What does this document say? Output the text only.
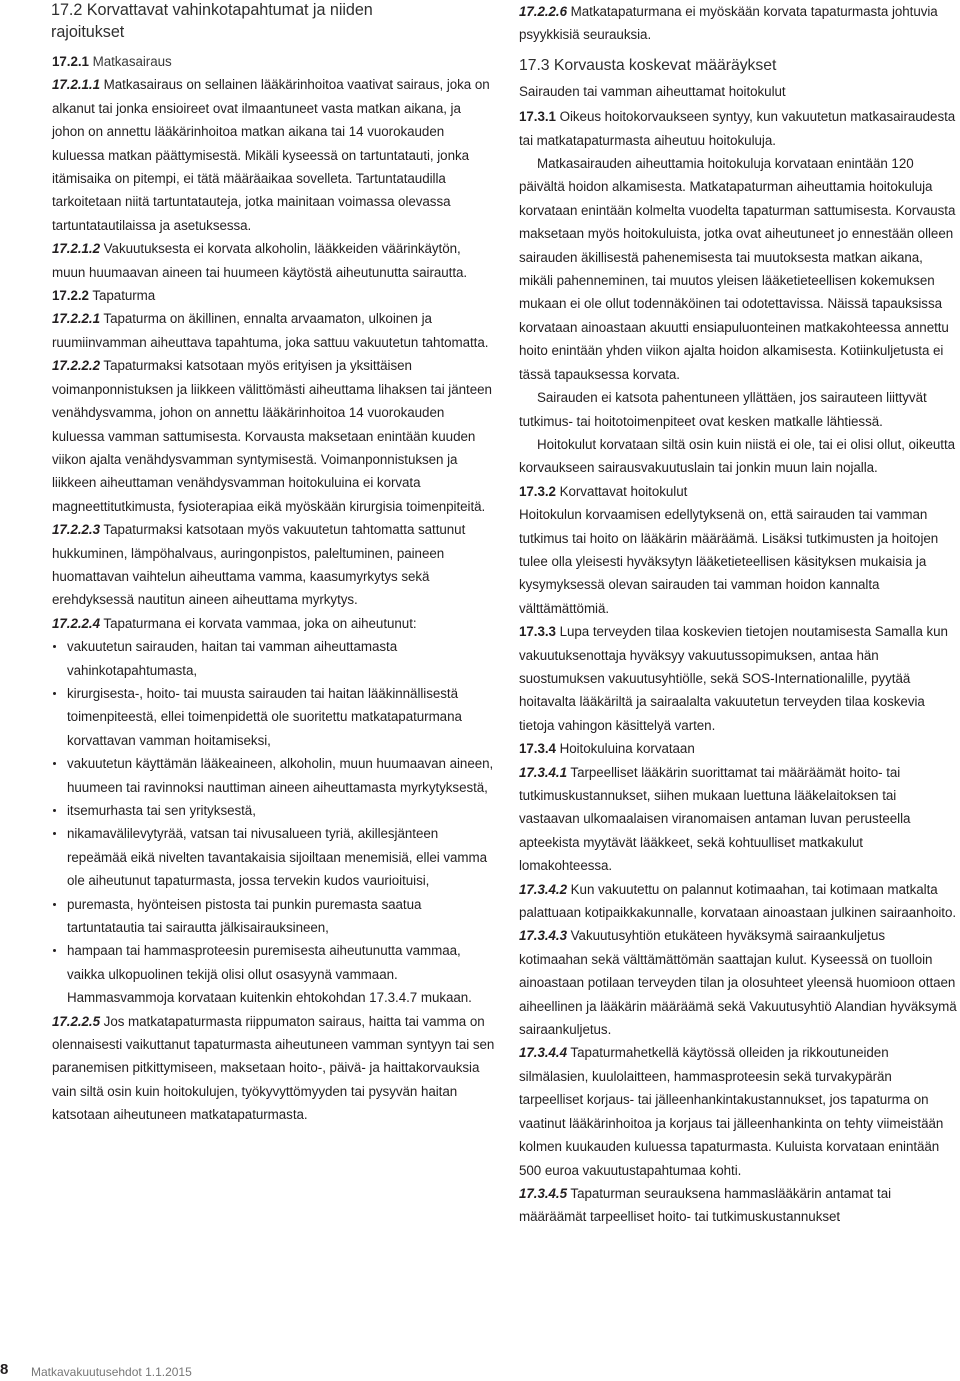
17.2 Korvattavat vahinkotapahtumat ja niiden rajoitukset

17.2.1 Matkasairaus

17.2.1.1 Matkasairaus on sellainen lääkärinhoitoa vaativat sairaus, joka on alkanut tai jonka ensioireet ovat ilmaantuneet vasta matkan aikana, ja johon on annettu lääkärinhoitoa matkan aikana tai 14 vuorokauden kuluessa matkan päättymisestä. Mikäli kyseessä on tartuntatauti, jonka itämisaika on pitempi, ei tätä määräaikaa sovelleta. Tartuntataudilla tarkoitetaan niitä tartuntatauteja, jotka mainitaan voimassa olevassa tartuntatautilaissa ja asetuksessa.

17.2.1.2 Vakuutuksesta ei korvata alkoholin, lääkkeiden väärinkäytön, muun huumaavan aineen tai huumeen käytöstä aiheutunutta sairautta.

17.2.2 Tapaturma

17.2.2.1 Tapaturma on äkillinen, ennalta arvaamaton, ulkoinen ja ruumiinvamman aiheuttava tapahtuma, joka sattuu vakuutetun tahtomatta.

17.2.2.2 Tapaturmaksi katsotaan myös erityisen ja yksittäisen voimanponnistuksen ja liikkeen välittömästi aiheuttama lihaksen tai jänteen venähdysvamma, johon on annettu lääkärinhoitoa 14 vuorokauden kuluessa vamman sattumisesta. Korvausta maksetaan enintään kuuden viikon ajalta venähdysvamman syntymisestä. Voimanponnistuksen ja liikkeen aiheuttaman venähdysvamman hoitokuluina ei korvata magneettitutkimusta, fysioterapiaa eikä myöskään kirurgisia toimenpiteitä.

17.2.2.3 Tapaturmaksi katsotaan myös vakuutetun tahtomatta sattunut hukkuminen, lämpöhalvaus, auringonpistos, paleltuminen, paineen huomattavan vaihtelun aiheuttama vamma, kaasumyrkytys sekä erehdyksessä nautitun aineen aiheuttama myrkytys.

17.2.2.4 Tapaturmana ei korvata vammaa, joka on aiheutunut:

vakuutetun sairauden, haitan tai vamman aiheuttamasta vahinkotapahtumasta,
kirurgisesta-, hoito- tai muusta sairauden tai haitan lääkinnällisestä toimenpiteestä, ellei toimenpidettä ole suoritettu matkatapaturmana korvattavan vamman hoitamiseksi,
vakuutetun käyttämän lääkeaineen, alkoholin, muun huumaavan aineen, huumeen tai ravinnoksi nauttiman aineen aiheuttamasta myrkytyksestä,
itsemurhasta tai sen yrityksestä,
nikamavälilevytyrää, vatsan tai nivusalueen tyriä, akillesjänteen repeämää eikä nivelten tavantakaisia sijoiltaan menemisiä, ellei vamma ole aiheutunut tapaturmasta, jossa tervekin kudos vaurioituisi,
puremasta, hyönteisen pistosta tai punkin puremasta saatua tartuntatautia tai sairautta jälkisairauksineen,
hampaan tai hammasproteesin puremisesta aiheutunutta vammaa, vaikka ulkopuolinen tekijä olisi ollut osasyynä vammaan. Hammasvammoja korvataan kuitenkin ehtokohdan 17.3.4.7 mukaan.

17.2.2.5 Jos matkatapaturmasta riippumaton sairaus, haitta tai vamma on olennaisesti vaikuttanut tapaturmasta aiheutuneen vamman syntyyn tai sen paranemisen pitkittymiseen, maksetaan hoito-, päivä- ja haittakorvauksia vain siltä osin kuin hoitokulujen, työkyvyttömyyden tai pysyvän haitan katsotaan aiheutuneen matkatapaturmasta.

17.2.2.6 Matkatapaturmana ei myöskään korvata tapaturmasta johtuvia psyykkisiä seurauksia.

17.3 Korvausta koskevat määräykset

Sairauden tai vamman aiheuttamat hoitokulut

17.3.1 Oikeus hoitokorvaukseen syntyy, kun vakuutetun matkasairaudesta tai matkatapaturmasta aiheutuu hoitokuluja.

Matkasairauden aiheuttamia hoitokuluja korvataan enintään 120 päivältä hoidon alkamisesta. Matkatapaturman aiheuttamia hoitokuluja korvataan enintään kolmelta vuodelta tapaturman sattumisesta. Korvausta maksetaan myös hoitokuluista, jotka ovat aiheutuneet jo ennestään olleen sairauden äkillisestä pahenemisesta tai muutoksesta matkan aikana, mikäli pahenneminen, tai muutos yleisen lääketieteellisen kokemuksen mukaan ei ole ollut todennäköinen tai odotettavissa. Näissä tapauksissa korvataan ainoastaan akuutti ensiapuluonteinen matkakohteessa annettu hoito enintään yhden viikon ajalta hoidon alkamisesta. Kotiinkuljetusta ei tässä tapauksessa korvata.

Sairauden ei katsota pahentuneen yllättäen, jos sairauteen liittyvät tutkimus- tai hoitotoimenpiteet ovat kesken matkalle lähtiessä.

Hoitokulut korvataan siltä osin kuin niistä ei ole, tai ei olisi ollut, oikeutta korvaukseen sairausvakuutuslain tai jonkin muun lain nojalla.

17.3.2 Korvattavat hoitokulut

Hoitokulun korvaamisen edellytyksenä on, että sairauden tai vamman tutkimus tai hoito on lääkärin määräämä. Lisäksi tutkimusten ja hoitojen tulee olla yleisesti hyväksytyn lääketieteellisen käsityksen mukaisia ja kysymyksessä olevan sairauden tai vamman hoidon kannalta välttämättömiä.

17.3.3 Lupa terveyden tilaa koskevien tietojen noutamisesta Samalla kun vakuutuksenottaja hyväksyy vakuutussopimuksen, antaa hän suostumuksen vakuutusyhtiölle, sekä SOS-Internationalille, pyytää hoitavalta lääkäriltä ja sairaalalta vakuutetun terveyden tilaa koskevia tietoja vahingon käsittelyä varten.

17.3.4 Hoitokuluina korvataan

17.3.4.1 Tarpeelliset lääkärin suorittamat tai määräämät hoito- tai tutkimuskustannukset, siihen mukaan luettuna lääkelaitoksen tai vastaavan ulkomaalaisen viranomaisen antaman luvan perusteella apteekista myytävät lääkkeet, sekä kohtuulliset matkakulut lomakohteessa.

17.3.4.2 Kun vakuutettu on palannut kotimaahan, tai kotimaan matkalta palattuaan kotipaikkakunnalle, korvataan ainoastaan julkinen sairaanhoito.

17.3.4.3 Vakuutusyhtiön etukäteen hyväksymä sairaankuljetus kotimaahan sekä välttämättömän saattajan kulut. Kyseessä on tuolloin ainoastaan potilaan terveyden tilan ja olosuhteet yleensä huomioon ottaen aiheellinen ja lääkärin määräämä sekä Vakuutusyhtiö Alandian hyväksymä sairaankuljetus.

17.3.4.4 Tapaturmahetkellä käytössä olleiden ja rikkoutuneiden silmälasien, kuulolaitteen, hammasproteesin sekä turvakypärän tarpeelliset korjaus- tai jälleenhankintakustannukset, jos tapaturma on vaatinut lääkärinhoitoa ja korjaus tai jälleenhankinta on tehty viimeistään kolmen kuukauden kuluessa tapaturmasta. Kuluista korvataan enintään 500 euroa vakuutustapahtumaa kohti.

17.3.4.5 Tapaturman seurauksena hammaslääkärin antamat tai määräämät tarpeelliset hoito- tai tutkimuskustannukset

8 Matkavakuutusehdot 1.1.2015
